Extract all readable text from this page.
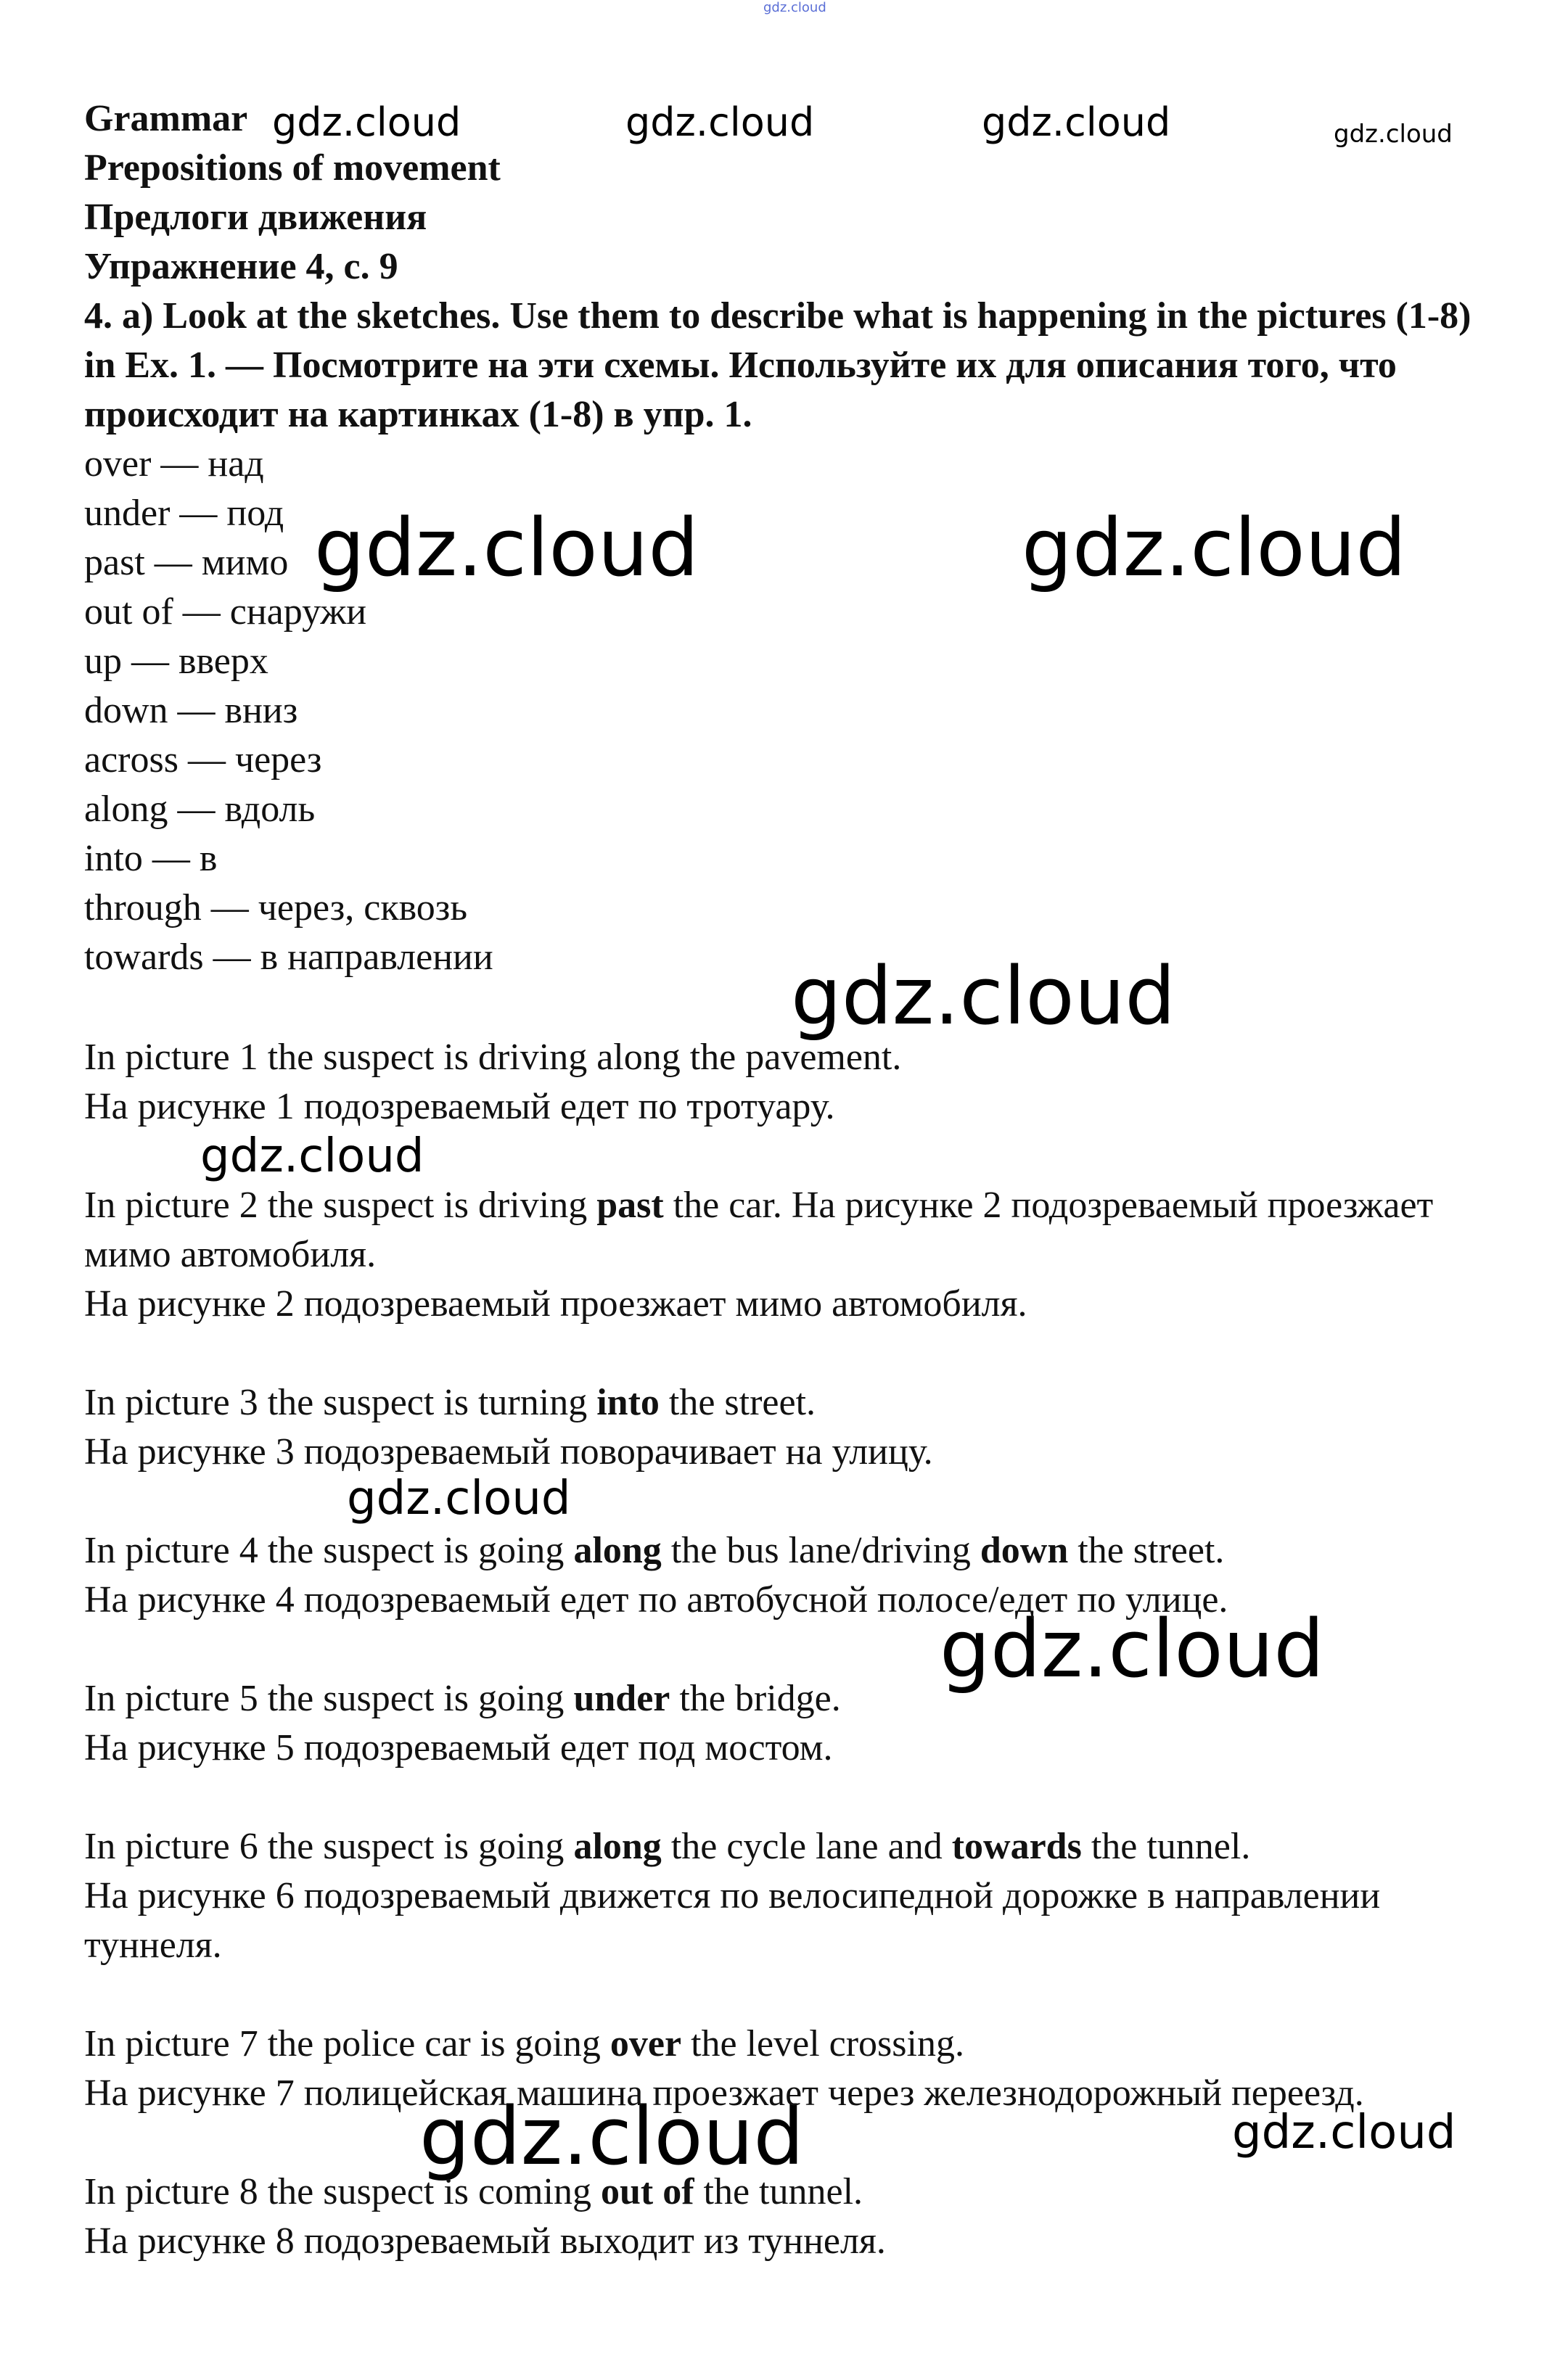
gdz.cloud
gdz.cloud	gdz.cloud	gdz.cloud	gdz.cloud
gdz.cloud	gdz.cloud
gdz.cloud
gdz.cloud
gdz.cloud
gdz.cloud
gdz.cloud	gdz.cloud
Grammar
Prepositions of movement
Предлоги движения
Упражнение 4, с. 9
4. a) Look at the sketches. Use them to describe what is happening in the pictures (1-8) in Ex. 1. — Посмотрите на эти схемы. Используйте их для описания того, что происходит на картинках (1-8) в упр. 1.
over — над
under — под
past — мимо
out of — снаружи
up — вверх
down — вниз
across — через
along — вдоль
into — в
through — через, сквозь
towards — в направлении
In picture 1 the suspect is driving along the pavement.
На рисунке 1 подозреваемый едет по тротуару.
In picture 2 the suspect is driving past the car. На рисунке 2 подозреваемый проезжает мимо автомобиля.
На рисунке 2 подозреваемый проезжает мимо автомобиля.
In picture 3 the suspect is turning into the street.
На рисунке 3 подозреваемый поворачивает на улицу.
In picture 4 the suspect is going along the bus lane/driving down the street.
На рисунке 4 подозреваемый едет по автобусной полосе/едет по улице.
In picture 5 the suspect is going under the bridge.
На рисунке 5 подозреваемый едет под мостом.
In picture 6 the suspect is going along the cycle lane and towards the tunnel.
На рисунке 6 подозреваемый движется по велосипедной дорожке в направлении туннеля.
In picture 7 the police car is going over the level crossing.
На рисунке 7 полицейская машина проезжает через железнодорожный переезд.
In picture 8 the suspect is coming out of the tunnel.
На рисунке 8 подозреваемый выходит из туннеля.
